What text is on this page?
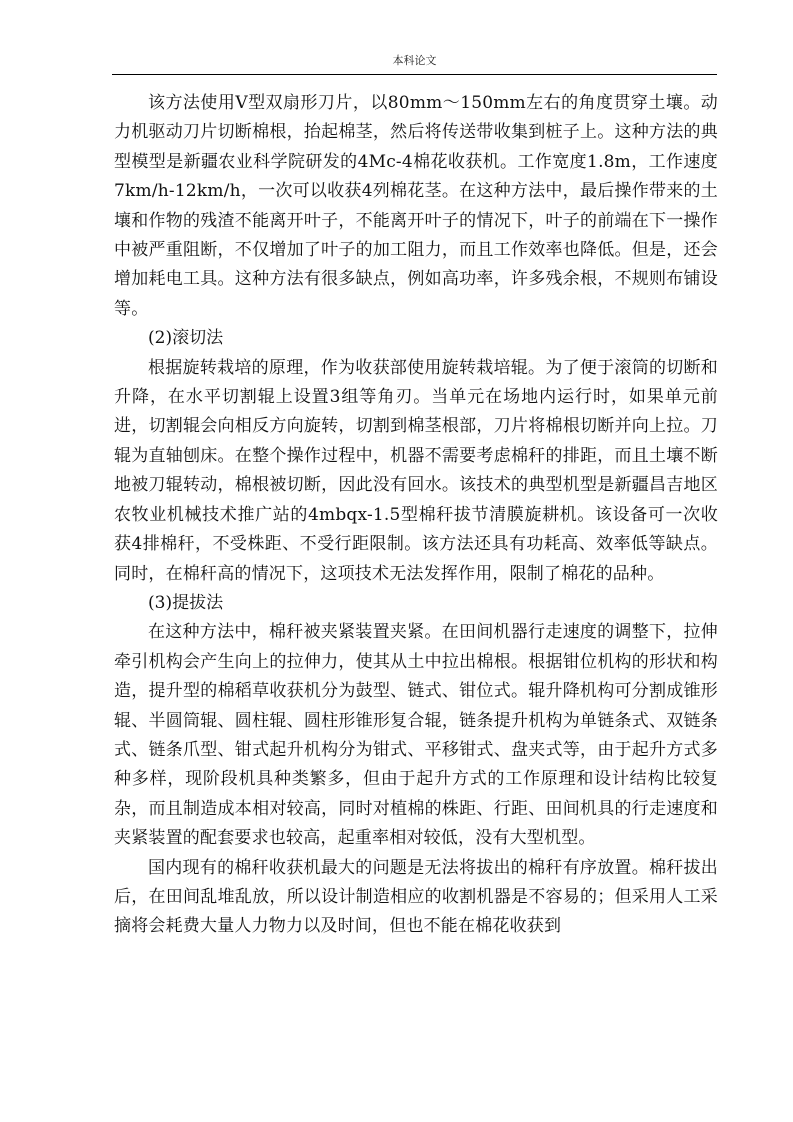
本科论文

该方法使用V型双扇形刀片，以80mm～150mm左右的角度贯穿土壤。动力机驱动刀片切断棉根，抬起棉茎，然后将传送带收集到桩子上。这种方法的典型模型是新疆农业科学院研发的4Mc-4棉花收获机。工作宽度1.8m，工作速度7km/h-12km/h，一次可以收获4列棉花茎。在这种方法中，最后操作带来的土壤和作物的残渣不能离开叶子，不能离开叶子的情况下，叶子的前端在下一操作中被严重阻断，不仅增加了叶子的加工阻力，而且工作效率也降低。但是，还会增加耗电工具。这种方法有很多缺点，例如高功率，许多残余根，不规则布铺设等。

(2)滚切法

根据旋转栽培的原理，作为收获部使用旋转栽培辊。为了便于滚筒的切断和升降，在水平切割辊上设置3组等角刃。当单元在场地内运行时，如果单元前进，切割辊会向相反方向旋转，切割到棉茎根部，刀片将棉根切断并向上拉。刀辊为直轴刨床。在整个操作过程中，机器不需要考虑棉秆的排距，而且土壤不断地被刀辊转动，棉根被切断，因此没有回水。该技术的典型机型是新疆昌吉地区农牧业机械技术推广站的4mbqx-1.5型棉秆拔节清膜旋耕机。该设备可一次收获4排棉秆，不受株距、不受行距限制。该方法还具有功耗高、效率低等缺点。同时，在棉秆高的情况下，这项技术无法发挥作用，限制了棉花的品种。

(3)提拔法

在这种方法中，棉秆被夹紧装置夹紧。在田间机器行走速度的调整下，拉伸牵引机构会产生向上的拉伸力，使其从土中拉出棉根。根据钳位机构的形状和构造，提升型的棉稻草收获机分为鼓型、链式、钳位式。辊升降机构可分割成锥形辊、半圆筒辊、圆柱辊、圆柱形锥形复合辊，链条提升机构为单链条式、双链条式、链条爪型、钳式起升机构分为钳式、平移钳式、盘夹式等，由于起升方式多种多样，现阶段机具种类繁多，但由于起升方式的工作原理和设计结构比较复杂，而且制造成本相对较高，同时对植棉的株距、行距、田间机具的行走速度和夹紧装置的配套要求也较高，起重率相对较低，没有大型机型。

国内现有的棉秆收获机最大的问题是无法将拔出的棉秆有序放置。棉秆拔出后，在田间乱堆乱放，所以设计制造相应的收割机器是不容易的；但采用人工采摘将会耗费大量人力物力以及时间，但也不能在棉花收获到
